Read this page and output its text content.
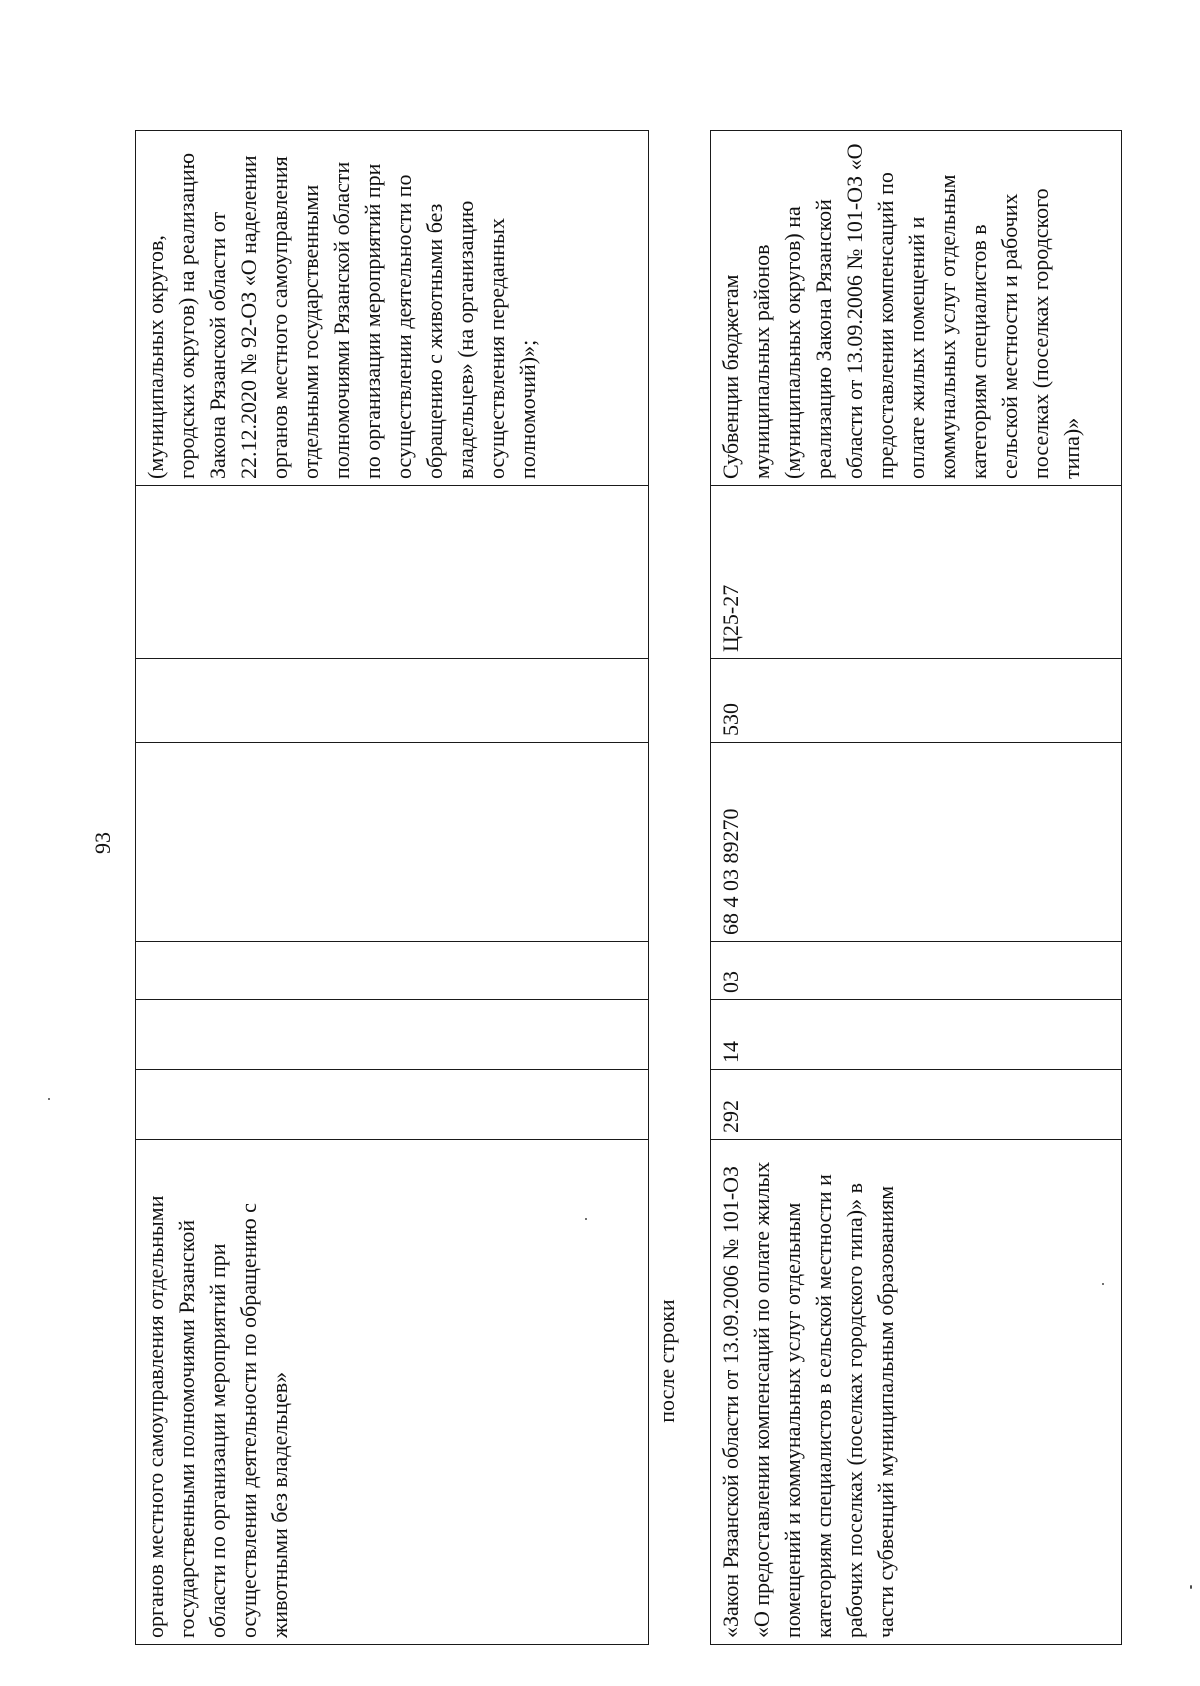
93
органов местного самоуправления отдельными государственными полномочиями Рязанской области по организации мероприятий при осуществлении деятельности по обращению с животными без владельцев»							(муниципальных округов, городских округов) на реализацию Закона Рязанской области от 22.12.2020 № 92-ОЗ «О наделении органов местного самоуправления отдельными государственными полномочиями Рязанской области по организации мероприятий при осуществлении деятельности по обращению с животными без владельцев» (на организацию осуществления переданных полномочий)»;
после строки «Закон Рязанской области от 13.09.2006 № 101-ОЗ «О предоставлении компенсаций по оплате жилых помещений и коммунальных услуг отдельным категориям специалистов в сельской местности и рабочих поселках (поселках городского типа)» в части субвенций муниципальным образованиям	292	14	03	68 4 03 89270	530	Ц25-27	Субвенции бюджетам муниципальных районов (муниципальных округов) на реализацию Закона Рязанской области от 13.09.2006 № 101-ОЗ «О предоставлении компенсаций по оплате жилых помещений и коммунальных услуг отдельным категориям специалистов в сельской местности и рабочих поселках (поселках городского типа)»
